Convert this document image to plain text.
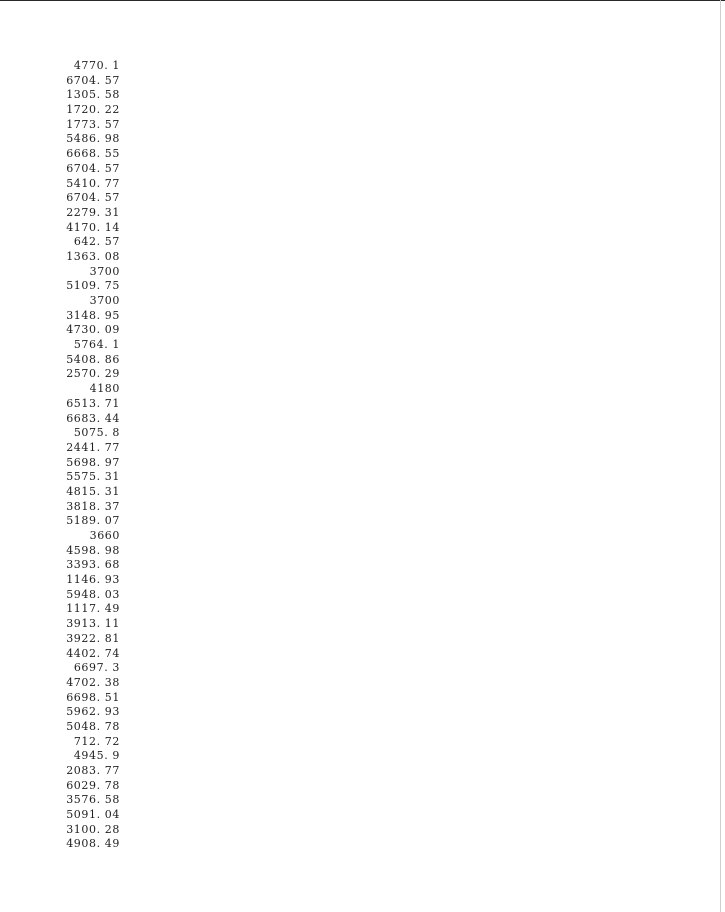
4770. 1
6704. 57
1305. 58
1720. 22
1773. 57
5486. 98
6668. 55
6704. 57
5410. 77
6704. 57
2279. 31
4170. 14
642. 57
1363. 08
3700
5109. 75
3700
3148. 95
4730. 09
5764. 1
5408. 86
2570. 29
4180
6513. 71
6683. 44
5075. 8
2441. 77
5698. 97
5575. 31
4815. 31
3818. 37
5189. 07
3660
4598. 98
3393. 68
1146. 93
5948. 03
1117. 49
3913. 11
3922. 81
4402. 74
6697. 3
4702. 38
6698. 51
5962. 93
5048. 78
712. 72
4945. 9
2083. 77
6029. 78
3576. 58
5091. 04
3100. 28
4908. 49
